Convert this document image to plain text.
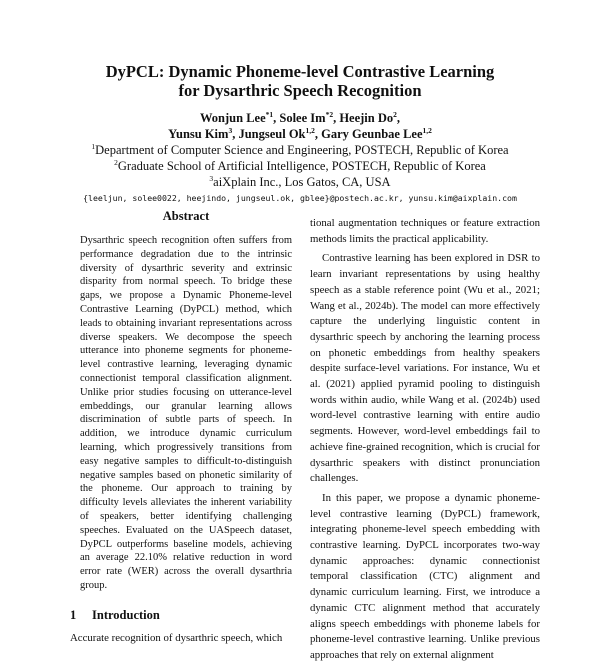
DyPCL: Dynamic Phoneme-level Contrastive Learning
for Dysarthric Speech Recognition

Wonjun Lee$^{*1}$, Solee Im$^{*2}$, Heejin Do$^2$,
Yunsu Kim$^3$, Jungseul Ok$^{1,2}$, Gary Geunbae Lee$^{1,2}$
$^1$Department of Computer Science and Engineering, POSTECH, Republic of Korea
$^2$Graduate School of Artificial Intelligence, POSTECH, Republic of Korea
$^3$aiXplain Inc., Los Gatos, CA, USA
{leeljun, solee0022, heejindo, jungseul.ok, gblee}@postech.ac.kr, yunsu.kim@aixplain.com

Abstract

Dysarthric speech recognition often suffers from performance degradation due to the intrinsic diversity of dysarthric severity and extrinsic disparity from normal speech. To bridge these gaps, we propose a Dynamic Phoneme-level Contrastive Learning (DyPCL) method, which leads to obtaining invariant representations across diverse speakers. We decompose the speech utterance into phoneme segments for phoneme-level contrastive learning, leveraging dynamic connectionist temporal classification alignment. Unlike prior studies focusing on utterance-level embeddings, our granular learning allows discrimination of subtle parts of speech. In addition, we introduce dynamic curriculum learning, which progressively transitions from easy negative samples to difficult-to-distinguish negative samples based on phonetic similarity of the phoneme. Our approach to training by difficulty levels alleviates the inherent variability of speakers, better identifying challenging speeches. Evaluated on the UASpeech dataset, DyPCL outperforms baseline models, achieving an average 22.10% relative reduction in word error rate (WER) across the overall dysarthria group.

1 Introduction

Accurate recognition of dysarthric speech, which

tional augmentation techniques or feature extraction methods limits the practical applicability.

Contrastive learning has been explored in DSR to learn invariant representations by using healthy speech as a stable reference point (Wu et al., 2021; Wang et al., 2024b). The model can more effectively capture the underlying linguistic content in dysarthric speech by anchoring the learning process on phonetic embeddings from healthy speakers despite surface-level variations. For instance, Wu et al. (2021) applied pyramid pooling to distinguish words within audio, while Wang et al. (2024b) used word-level contrastive learning with entire audio segments. However, word-level embeddings fail to achieve fine-grained recognition, which is crucial for dysarthric speakers with distinct pronunciation challenges.

In this paper, we propose a dynamic phoneme-level contrastive learning (DyPCL) framework, integrating phoneme-level speech embedding with contrastive learning. DyPCL incorporates two-way dynamic approaches: dynamic connectionist temporal classification (CTC) alignment and dynamic curriculum learning. First, we introduce a dynamic CTC alignment method that accurately aligns speech embeddings with phoneme labels for phoneme-level contrastive learning. Unlike previous approaches that rely on external alignment
